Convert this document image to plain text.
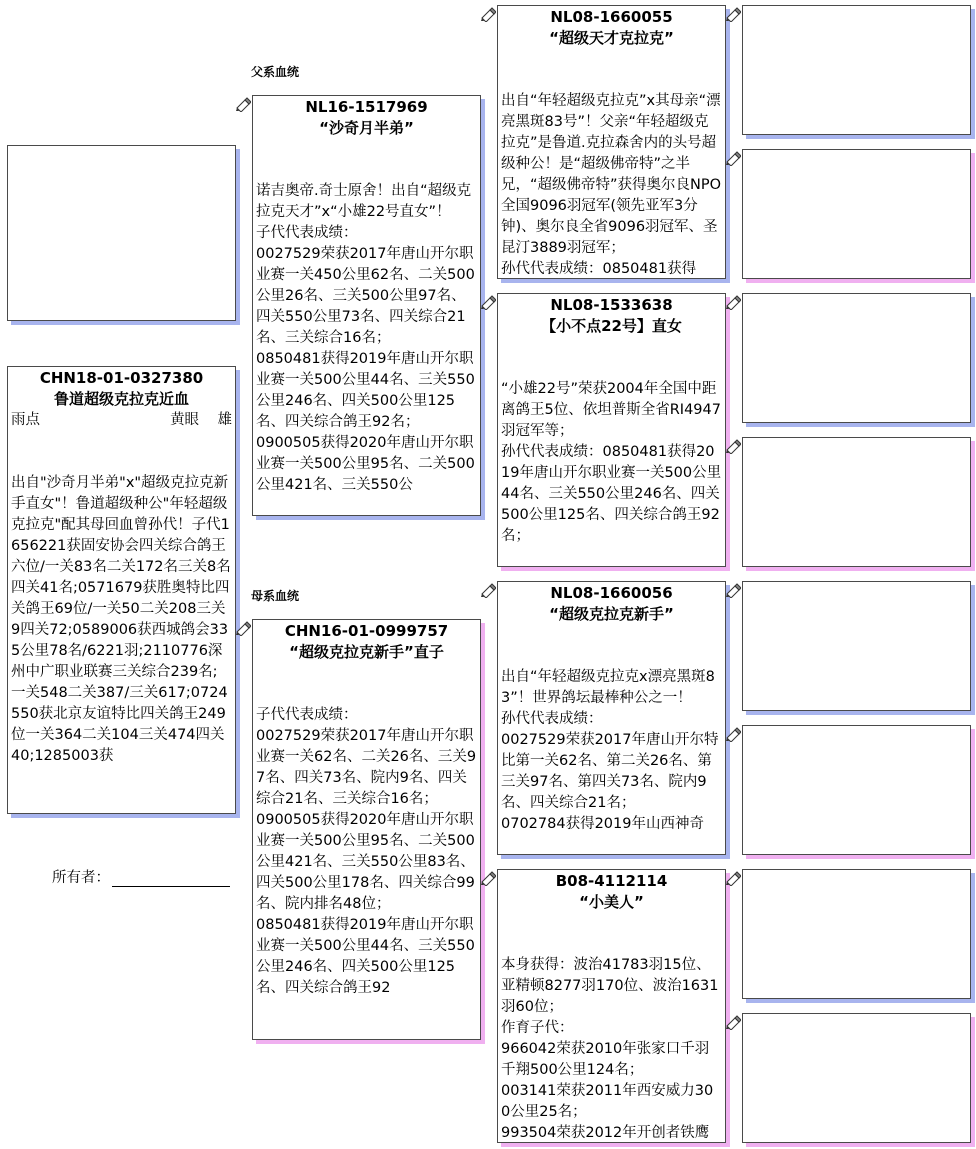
CHN18-01-0327380
鲁道超级克拉克近血
雨点	黄眼 雄
出自"沙奇月半弟"x"超级克拉克新手直女"！鲁道超级种公"年轻超级克拉克"配其母回血曾孙代！子代1656221获固安协会四关综合鸽王六位/一关83名二关172名三关8名四关41名;0571679获胜奥特比四关鸽王69位/一关50二关208三关9四关72;0589006获西城鸽会335公里78名/6221羽;2110776深州中广职业联赛三关综合239名;一关548二关387/三关617;0724550获北京友谊特比四关鸽王249位一关364二关104三关474四关40;1285003获
所有者：
父系血统
母系血统
NL16-1517969
“沙奇月半弟”
诺吉奥帝.奇士原舍！出自“超级克拉克天才”x“小雄22号直女”！
子代代表成绩：
0027529荣获2017年唐山开尔职业赛一关450公里62名、二关500公里26名、三关500公里97名、四关550公里73名、四关综合21名、三关综合16名；
0850481获得2019年唐山开尔职业赛一关500公里44名、三关550公里246名、四关500公里125名、四关综合鸽王92名；
0900505获得2020年唐山开尔职业赛一关500公里95名、二关500公里421名、三关550公
CHN16-01-0999757
“超级克拉克新手”直子
子代代表成绩：
0027529荣获2017年唐山开尔职业赛一关62名、二关26名、三关97名、四关73名、院内9名、四关综合21名、三关综合16名；
0900505获得2020年唐山开尔职业赛一关500公里95名、二关500公里421名、三关550公里83名、四关500公里178名、四关综合99名、院内排名48位；
0850481获得2019年唐山开尔职业赛一关500公里44名、三关550公里246名、四关500公里125名、四关综合鸽王92
NL08-1660055
“超级天才克拉克”
出自“年轻超级克拉克”x其母亲“漂亮黑斑83号”！父亲“年轻超级克拉克”是鲁道.克拉森舍内的头号超级种公！是“超级佛帝特”之半兄，“超级佛帝特”获得奥尔良NPO全国9096羽冠军(领先亚军3分钟)、奥尔良全省9096羽冠军、圣昆汀3889羽冠军；
孙代代表成绩：0850481获得
NL08-1533638
【小不点22号】直女
“小雄22号”荣获2004年全国中距离鸽王5位、依坦普斯全省RI4947羽冠军等；
孙代代表成绩：0850481获得2019年唐山开尔职业赛一关500公里44名、三关550公里246名、四关500公里125名、四关综合鸽王92名；
NL08-1660056
“超级克拉克新手”
出自“年轻超级克拉克x漂亮黑斑83”！世界鸽坛最棒种公之一！
孙代代表成绩：
0027529荣获2017年唐山开尔特比第一关62名、第二关26名、第三关97名、第四关73名、院内9名、四关综合21名；
0702784获得2019年山西神奇
B08-4112114
“小美人”
本身获得：波治41783羽15位、亚精顿8277羽170位、波治1631羽60位；
作育子代：
966042荣获2010年张家口千羽千翔500公里124名；
003141荣获2011年西安威力300公里25名；
993504荣获2012年开创者铁鹰
